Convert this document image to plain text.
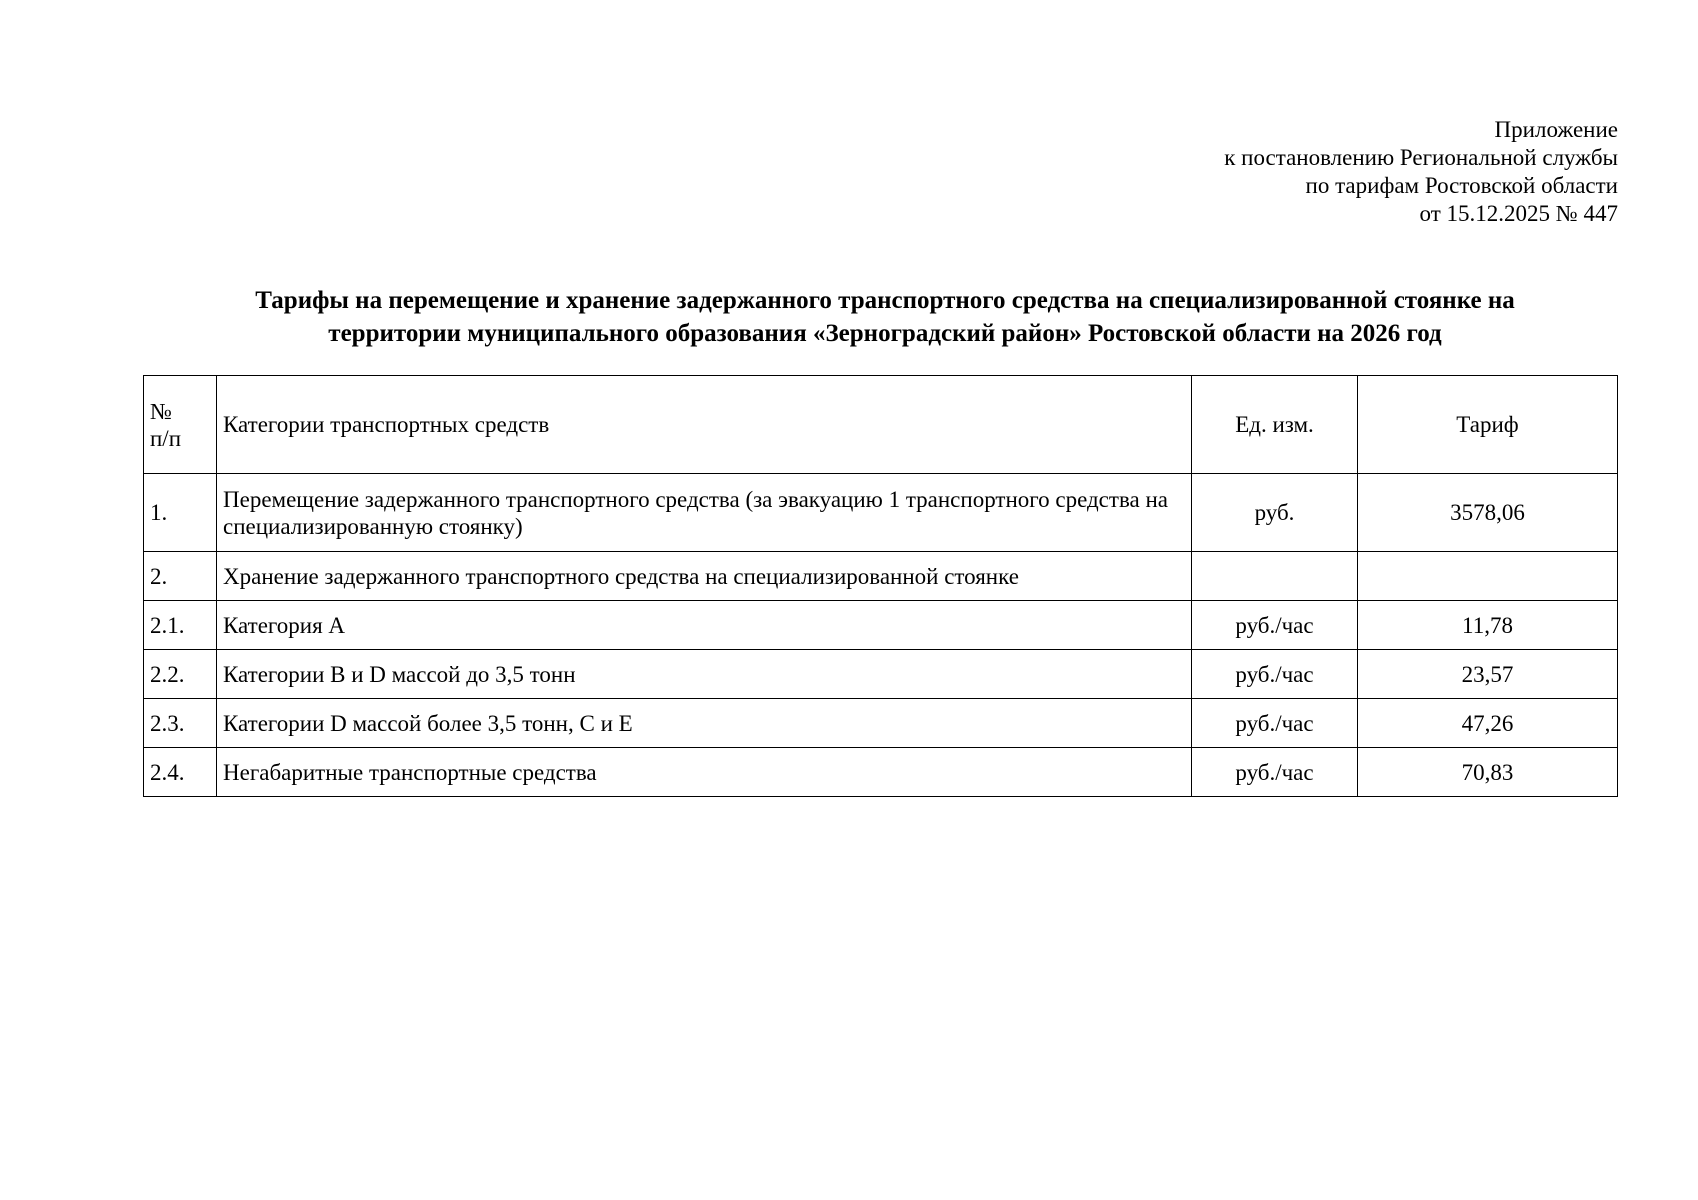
Приложение
к постановлению Региональной службы
по тарифам Ростовской области
от 15.12.2025 № 447
Тарифы на перемещение и хранение задержанного транспортного средства на специализированной стоянке на
территории муниципального образования «Зерноградский район» Ростовской области на 2026 год
№
п/п	Категории транспортных средств	Ед. изм.	Тариф
1.	Перемещение задержанного транспортного средства (за эвакуацию 1 транспортного средства на специализированную стоянку)	руб.	3578,06
2.	Хранение задержанного транспортного средства на специализированной стоянке		
2.1.	Категория А	руб./час	11,78
2.2.	Категории В и D массой до 3,5 тонн	руб./час	23,57
2.3.	Категории D массой более 3,5 тонн, С и Е	руб./час	47,26
2.4.	Негабаритные транспортные средства	руб./час	70,83
